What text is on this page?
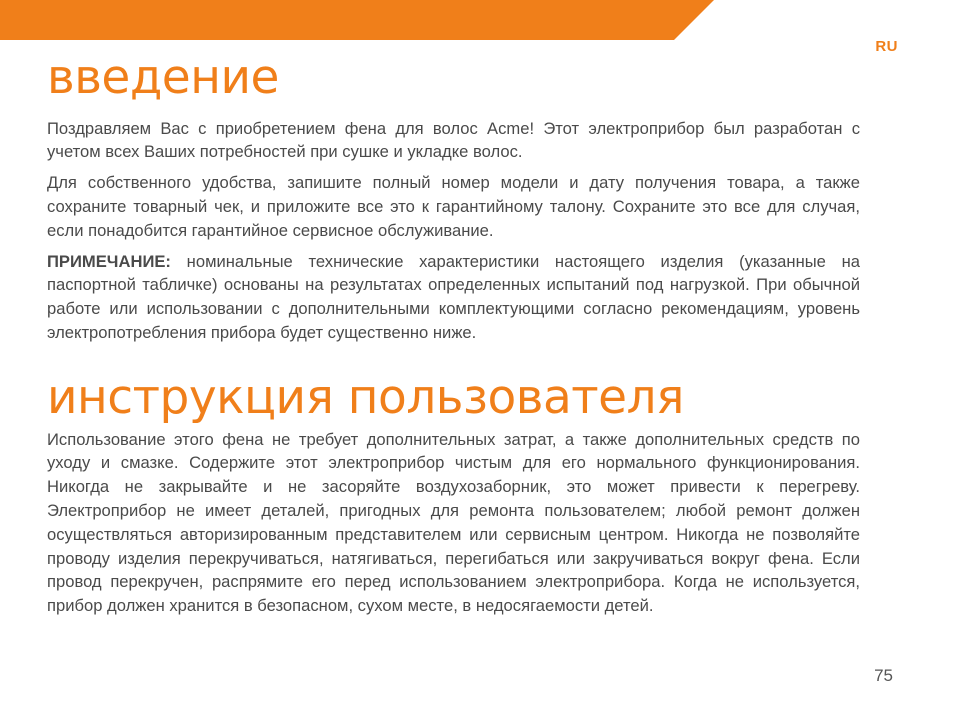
RU
введение

Поздравляем Вас с приобретением фена для волос Acme! Этот электроприбор был разработан с учетом всех Ваших потребностей при сушке и укладке волос.

Для собственного удобства, запишите полный номер модели и дату получения товара, а также сохраните товарный чек, и приложите все это к гарантийному талону. Сохраните это все для случая, если понадобится гарантийное сервисное обслуживание.

ПРИМЕЧАНИЕ: номинальные технические характеристики настоящего изделия (указанные на паспортной табличке) основаны на результатах определенных испытаний под нагрузкой. При обычной работе или использовании с дополнительными комплектующими согласно рекомендациям, уровень электропотребления прибора будет существенно ниже.

инструкция пользователя

Использование этого фена не требует дополнительных затрат, а также дополнительных средств по уходу и смазке. Содержите этот электроприбор чистым для его нормального функционирования. Никогда не закрывайте и не засоряйте воздухозаборник, это может привести к перегреву. Электроприбор не имеет деталей, пригодных для ремонта пользователем; любой ремонт должен осуществляться авторизированным представителем или сервисным центром. Никогда не позволяйте проводу изделия перекручиваться, натягиваться, перегибаться или закручиваться вокруг фена. Если провод перекручен, распрямите его перед использованием электроприбора. Когда не используется, прибор должен хранится в безопасном, сухом месте, в недосягаемости детей.

75
